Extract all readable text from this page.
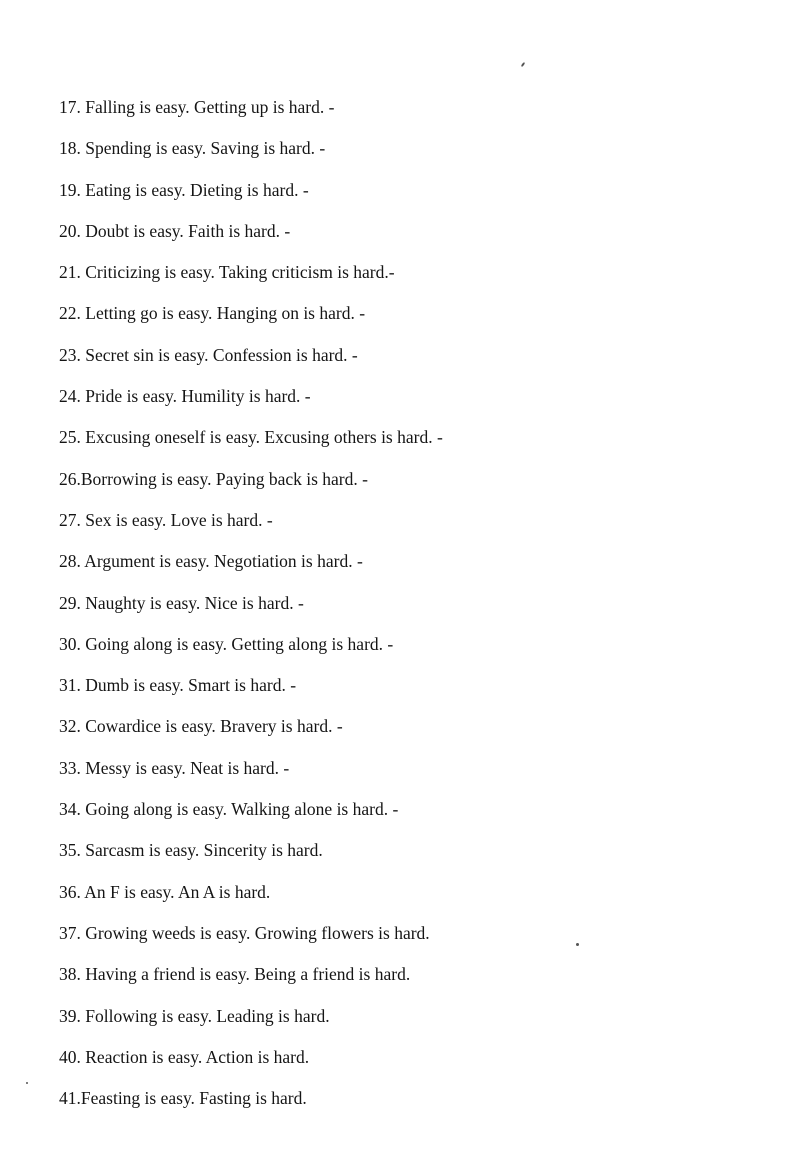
17. Falling is easy. Getting up is hard. -
18. Spending is easy. Saving is hard. -
19. Eating is easy. Dieting is hard. -
20. Doubt is easy. Faith is hard. -
21. Criticizing is easy. Taking criticism is hard.-
22. Letting go is easy. Hanging on is hard. -
23. Secret sin is easy. Confession is hard. -
24. Pride is easy. Humility is hard. -
25. Excusing oneself is easy. Excusing others is hard. -
26.Borrowing is easy. Paying back is hard. -
27. Sex is easy. Love is hard. -
28. Argument is easy. Negotiation is hard. -
29. Naughty is easy. Nice is hard. -
30. Going along is easy. Getting along is hard. -
31. Dumb is easy. Smart is hard. -
32. Cowardice is easy. Bravery is hard. -
33. Messy is easy. Neat is hard. -
34. Going along is easy. Walking alone is hard. -
35. Sarcasm is easy. Sincerity is hard.
36. An F is easy. An A is hard.
37. Growing weeds is easy. Growing flowers is hard.
38. Having a friend is easy. Being a friend is hard.
39. Following is easy. Leading is hard.
40. Reaction is easy. Action is hard.
41.Feasting is easy. Fasting is hard.
